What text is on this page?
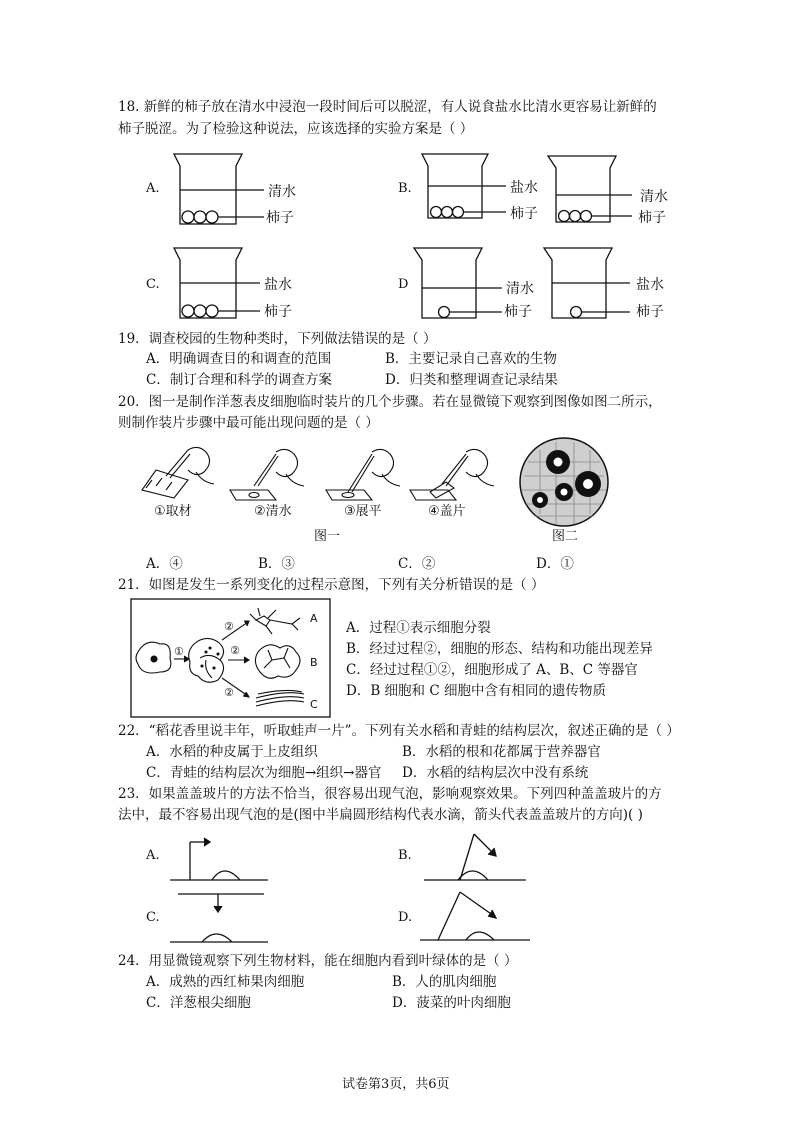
18. 新鲜的柿子放在清水中浸泡一段时间后可以脱涩，有人说食盐水比清水更容易让新鲜的
柿子脱涩。为了检验这种说法，应该选择的实验方案是（ ）
A.	B.
C.	D
清水
柿子
盐水
柿子
清水
柿子
盐水
柿子
清水
柿子
盐水
柿子
19．调查校园的生物种类时，下列做法错误的是（ ）
A．明确调查目的和调查的范围	B．主要记录自己喜欢的生物
C．制订合理和科学的调查方案	D．归类和整理调查记录结果
20．图一是制作洋葱表皮细胞临时装片的几个步骤。若在显微镜下观察到图像如图二所示，
则制作装片步骤中最可能出现问题的是（ ）
①取材	②清水	③展平	④盖片
图一	图二
A．④	B．③	C．②	D．①
21．如图是发生一系列变化的过程示意图，下列有关分析错误的是（ ）
①
②
②
②
A
B
C
A．过程①表示细胞分裂
B．经过过程②，细胞的形态、结构和功能出现差异
C．经过过程①②，细胞形成了 A、B、C 等器官
D．B 细胞和 C 细胞中含有相同的遗传物质
22．“稻花香里说丰年，听取蛙声一片”。下列有关水稻和青蛙的结构层次，叙述正确的是（ ）
A．水稻的种皮属于上皮组织	B．水稻的根和花都属于营养器官
C．青蛙的结构层次为细胞→组织→器官 D．水稻的结构层次中没有系统
23．如果盖盖玻片的方法不恰当，很容易出现气泡，影响观察效果。下列四种盖盖玻片的方
法中，最不容易出现气泡的是(图中半扁圆形结构代表水滴，箭头代表盖盖玻片的方向)( )
A.	B.
C.	D.
24．用显微镜观察下列生物材料，能在细胞内看到叶绿体的是（ ）
A．成熟的西红柿果肉细胞	B．人的肌肉细胞
C．洋葱根尖细胞	D．菠菜的叶肉细胞
试卷第3页，共6页
